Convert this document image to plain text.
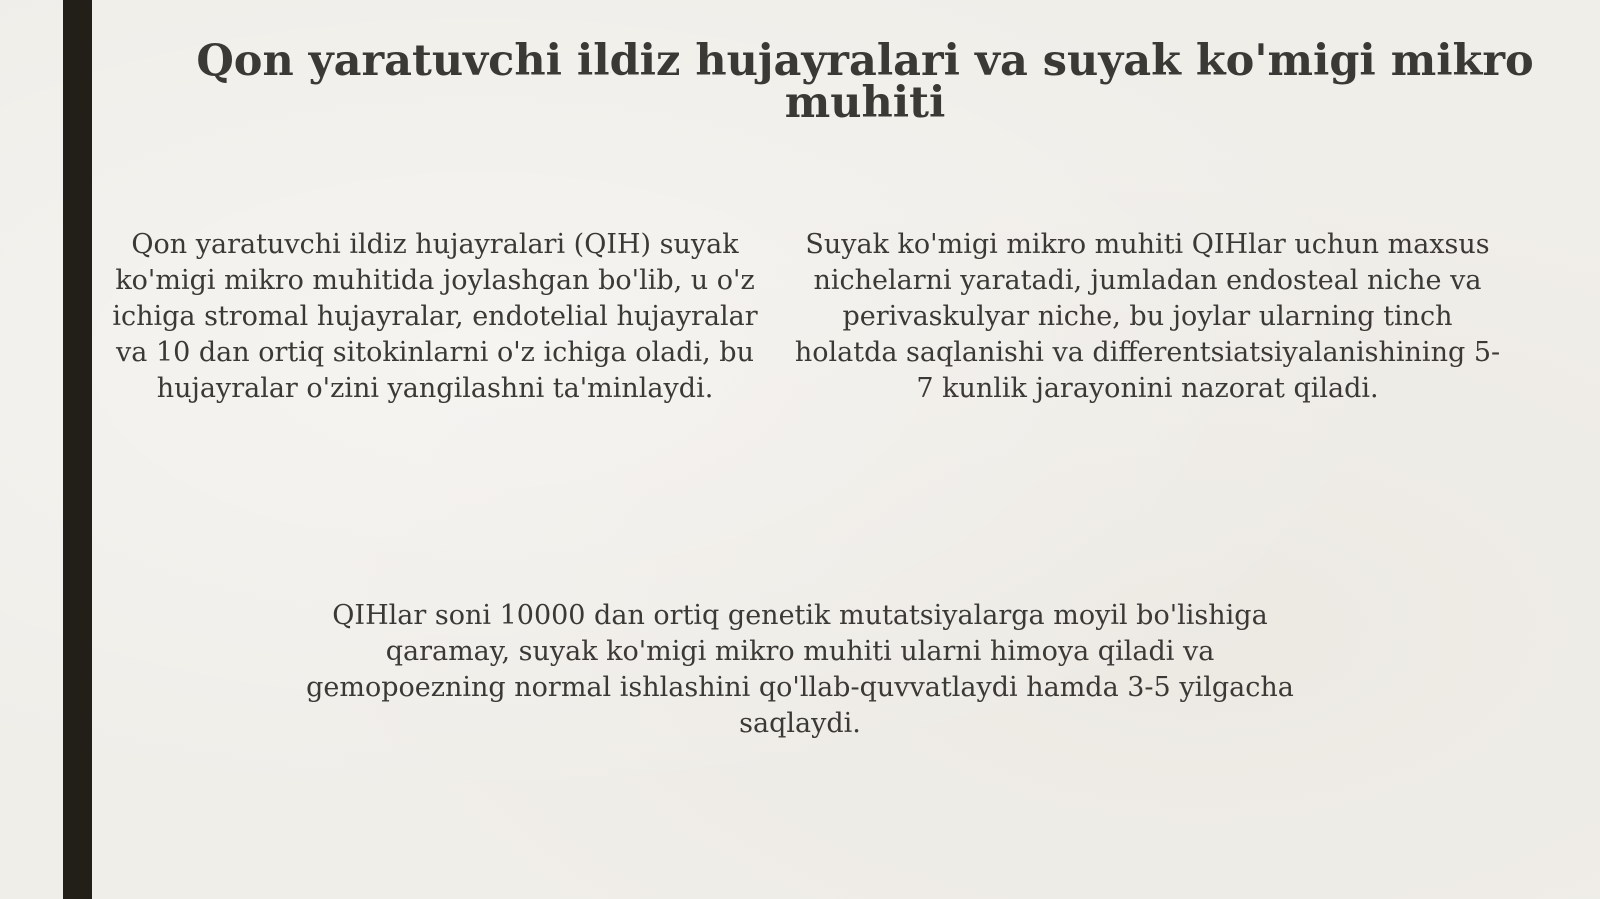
Qon yaratuvchi ildiz hujayralari va suyak ko'migi mikro muhiti

Qon yaratuvchi ildiz hujayralari (QIH) suyak ko'migi mikro muhitida joylashgan bo'lib, u o'z ichiga stromal hujayralar, endotelial hujayralar va 10 dan ortiq sitokinlarni o'z ichiga oladi, bu hujayralar o'zini yangilashni ta'minlaydi.

Suyak ko'migi mikro muhiti QIHlar uchun maxsus nichelarni yaratadi, jumladan endosteal niche va perivaskulyar niche, bu joylar ularning tinch holatda saqlanishi va differentsiatsiyalanishining 5-7 kunlik jarayonini nazorat qiladi.

QIHlar soni 10000 dan ortiq genetik mutatsiyalarga moyil bo'lishiga qaramay, suyak ko'migi mikro muhiti ularni himoya qiladi va gemopoezning normal ishlashini qo'llab-quvvatlaydi hamda 3-5 yilgacha saqlaydi.
